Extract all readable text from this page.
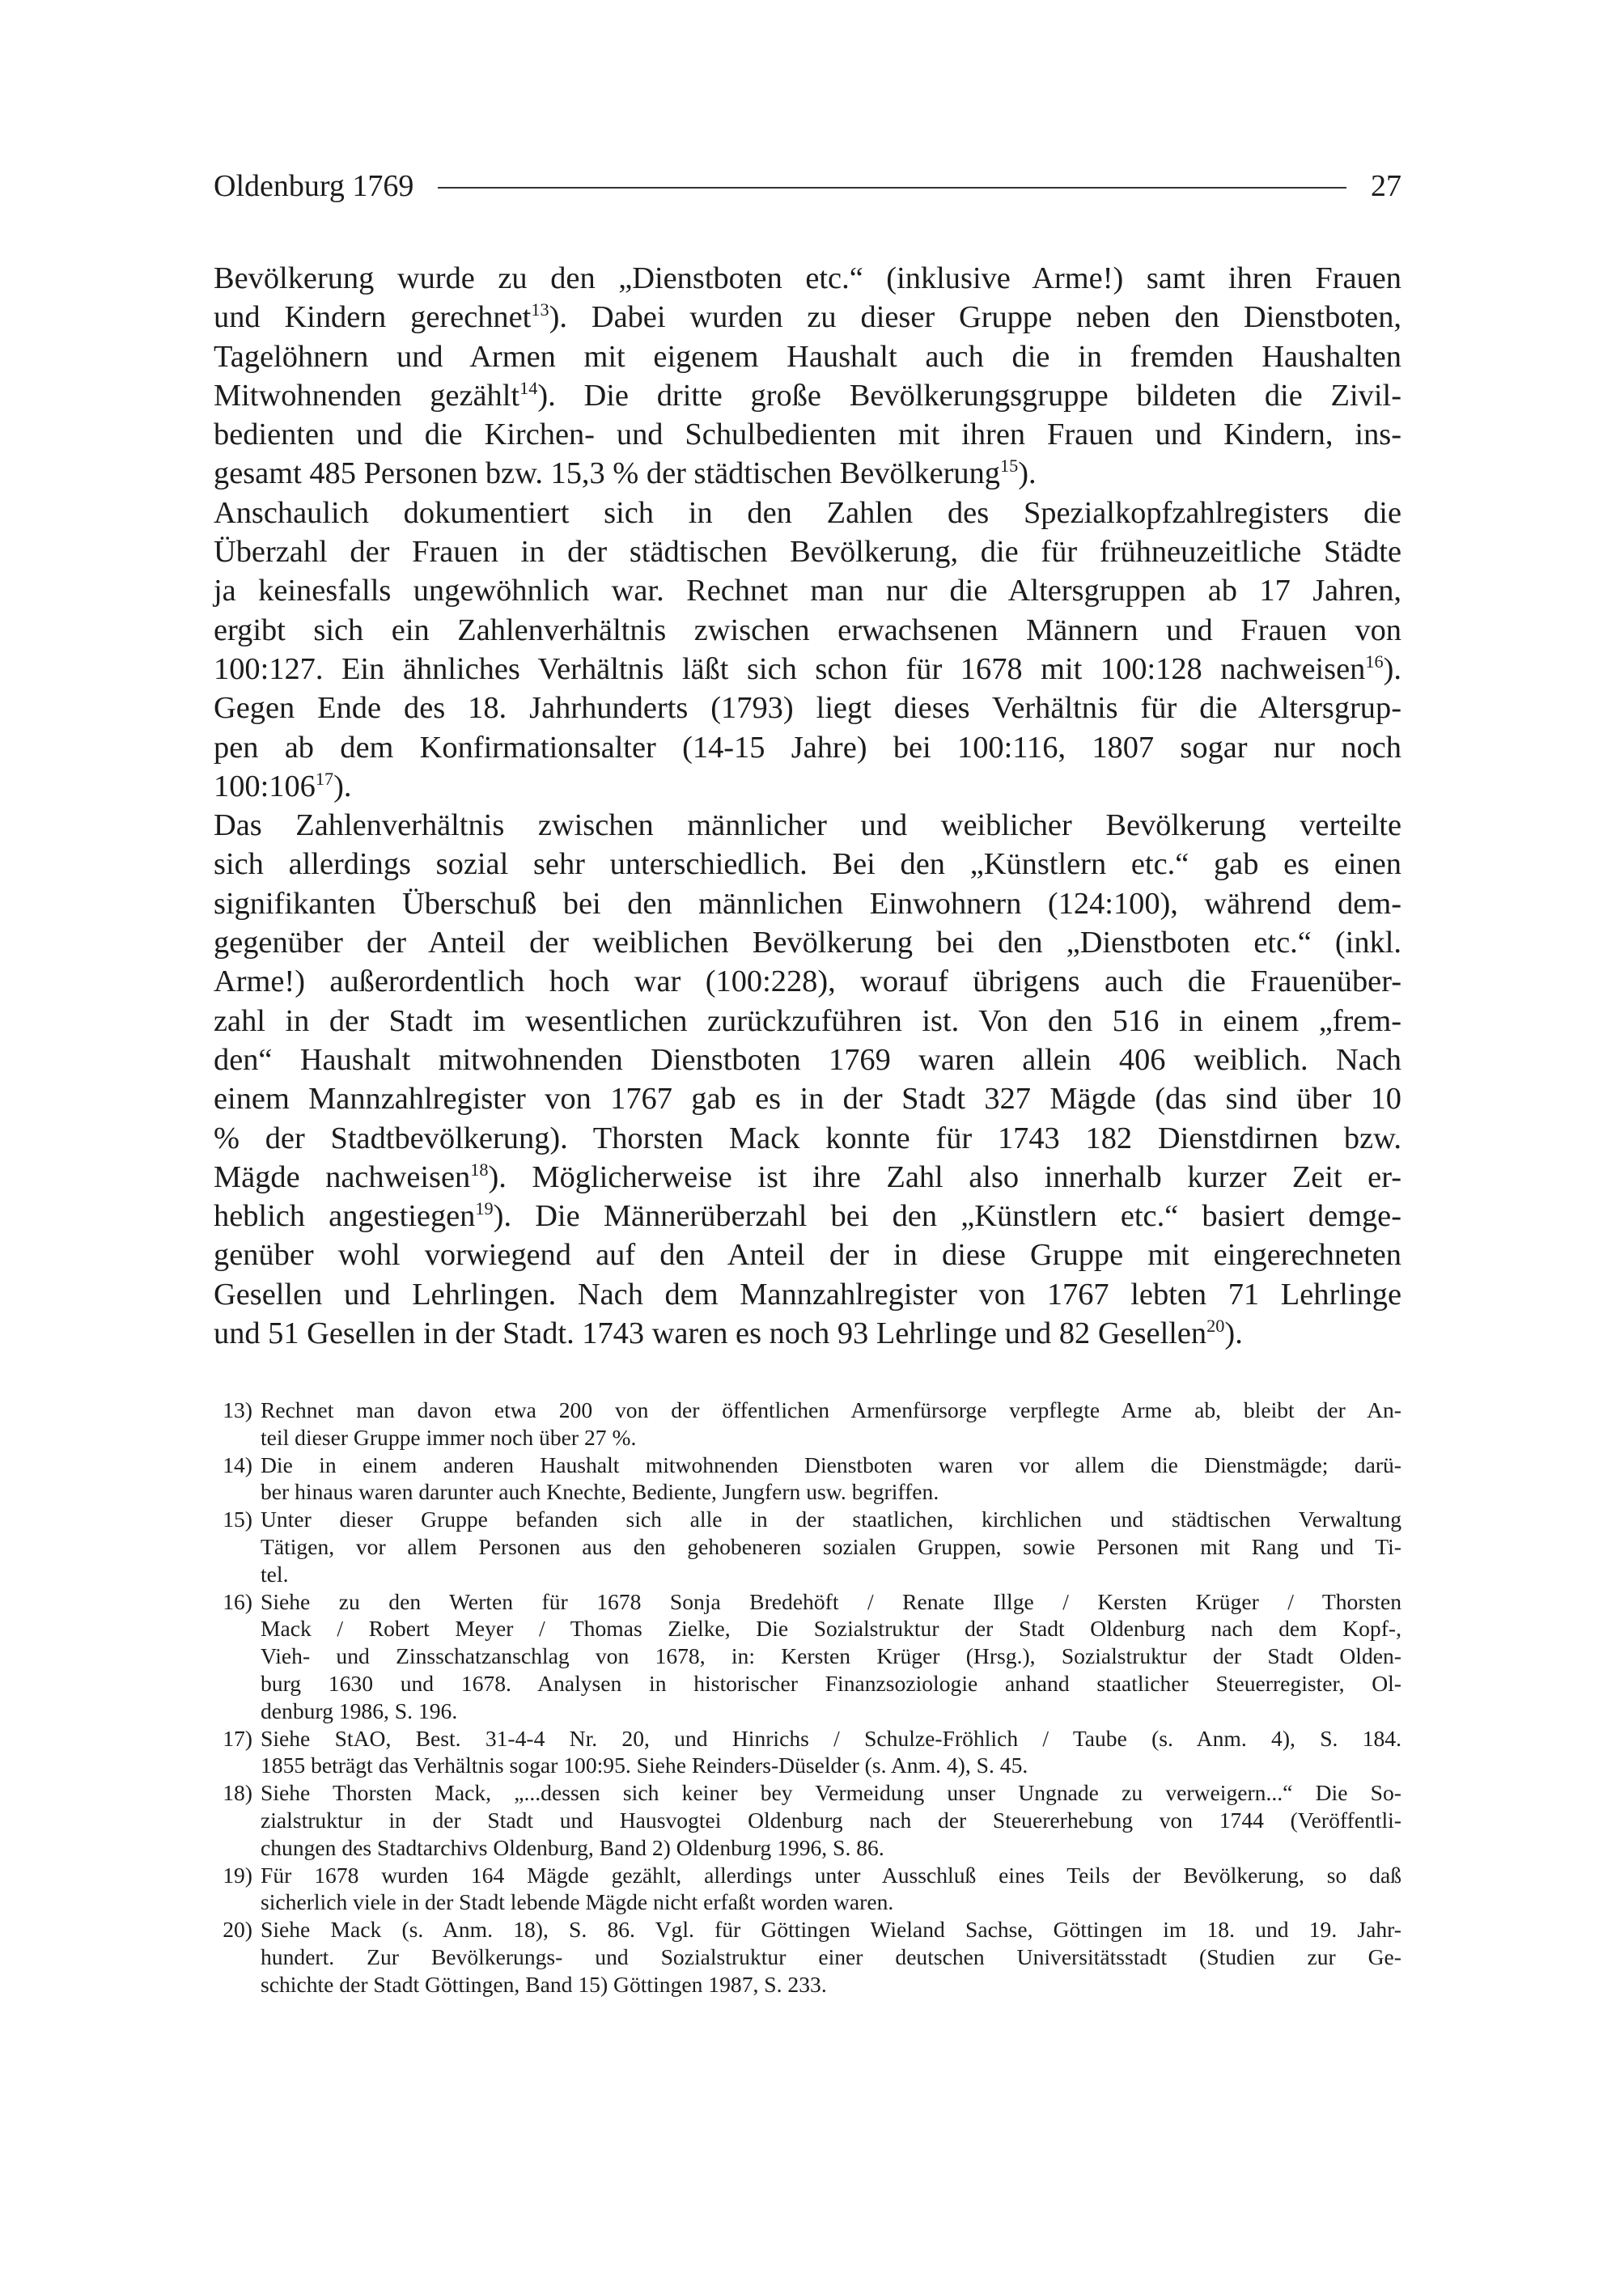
Oldenburg 1769	27
Bevölkerung wurde zu den „Dienstboten etc.“ (inklusive Arme!) samt ihren Frauen
und Kindern gerechnet$^{13}$). Dabei wurden zu dieser Gruppe neben den Dienstboten,
Tagelöhnern und Armen mit eigenem Haushalt auch die in fremden Haushalten
Mitwohnenden gezählt$^{14}$). Die dritte große Bevölkerungsgruppe bildeten die Zivil-
bedienten und die Kirchen- und Schulbedienten mit ihren Frauen und Kindern, ins-
gesamt 485 Personen bzw. 15,3 % der städtischen Bevölkerung$^{15}$).
Anschaulich dokumentiert sich in den Zahlen des Spezialkopfzahlregisters die
Überzahl der Frauen in der städtischen Bevölkerung, die für frühneuzeitliche Städte
ja keinesfalls ungewöhnlich war. Rechnet man nur die Altersgruppen ab 17 Jahren,
ergibt sich ein Zahlenverhältnis zwischen erwachsenen Männern und Frauen von
100:127. Ein ähnliches Verhältnis läßt sich schon für 1678 mit 100:128 nachweisen$^{16}$).
Gegen Ende des 18. Jahrhunderts (1793) liegt dieses Verhältnis für die Altersgrup-
pen ab dem Konfirmationsalter (14-15 Jahre) bei 100:116, 1807 sogar nur noch
$100:106^{17}$).
Das Zahlenverhältnis zwischen männlicher und weiblicher Bevölkerung verteilte
sich allerdings sozial sehr unterschiedlich. Bei den „Künstlern etc.“ gab es einen
signifikanten Überschuß bei den männlichen Einwohnern (124:100), während dem-
gegenüber der Anteil der weiblichen Bevölkerung bei den „Dienstboten etc.“ (inkl.
Arme!) außerordentlich hoch war (100:228), worauf übrigens auch die Frauenüber-
zahl in der Stadt im wesentlichen zurückzuführen ist. Von den 516 in einem „frem-
den“ Haushalt mitwohnenden Dienstboten 1769 waren allein 406 weiblich. Nach
einem Mannzahlregister von 1767 gab es in der Stadt 327 Mägde (das sind über 10
% der Stadtbevölkerung). Thorsten Mack konnte für 1743 182 Dienstdirnen bzw.
Mägde nachweisen$^{18}$). Möglicherweise ist ihre Zahl also innerhalb kurzer Zeit er-
heblich angestiegen$^{19}$). Die Männerüberzahl bei den „Künstlern etc.“ basiert demge-
genüber wohl vorwiegend auf den Anteil der in diese Gruppe mit eingerechneten
Gesellen und Lehrlingen. Nach dem Mannzahlregister von 1767 lebten 71 Lehrlinge
und 51 Gesellen in der Stadt. 1743 waren es noch 93 Lehrlinge und 82 Gesellen$^{20}$).
13) Rechnet man davon etwa 200 von der öffentlichen Armenfürsorge verpflegte Arme ab, bleibt der An-
teil dieser Gruppe immer noch über 27 %.
14) Die in einem anderen Haushalt mitwohnenden Dienstboten waren vor allem die Dienstmägde; darü-
ber hinaus waren darunter auch Knechte, Bediente, Jungfern usw. begriffen.
15) Unter dieser Gruppe befanden sich alle in der staatlichen, kirchlichen und städtischen Verwaltung
Tätigen, vor allem Personen aus den gehobeneren sozialen Gruppen, sowie Personen mit Rang und Ti-
tel.
16) Siehe zu den Werten für 1678 Sonja Bredehöft / Renate Illge / Kersten Krüger / Thorsten
Mack / Robert Meyer / Thomas Zielke, Die Sozialstruktur der Stadt Oldenburg nach dem Kopf-,
Vieh- und Zinsschatzanschlag von 1678, in: Kersten Krüger (Hrsg.), Sozialstruktur der Stadt Olden-
burg 1630 und 1678. Analysen in historischer Finanzsoziologie anhand staatlicher Steuerregister, Ol-
denburg 1986, S. 196.
17) Siehe StAO, Best. 31-4-4 Nr. 20, und Hinrichs / Schulze-Fröhlich / Taube (s. Anm. 4), S. 184.
1855 beträgt das Verhältnis sogar 100:95. Siehe Reinders-Düselder (s. Anm. 4), S. 45.
18) Siehe Thorsten Mack, „...dessen sich keiner bey Vermeidung unser Ungnade zu verweigern...“ Die So-
zialstruktur in der Stadt und Hausvogtei Oldenburg nach der Steuererhebung von 1744 (Veröffentli-
chungen des Stadtarchivs Oldenburg, Band 2) Oldenburg 1996, S. 86.
19) Für 1678 wurden 164 Mägde gezählt, allerdings unter Ausschluß eines Teils der Bevölkerung, so daß
sicherlich viele in der Stadt lebende Mägde nicht erfaßt worden waren.
20) Siehe Mack (s. Anm. 18), S. 86. Vgl. für Göttingen Wieland Sachse, Göttingen im 18. und 19. Jahr-
hundert. Zur Bevölkerungs- und Sozialstruktur einer deutschen Universitätsstadt (Studien zur Ge-
schichte der Stadt Göttingen, Band 15) Göttingen 1987, S. 233.
